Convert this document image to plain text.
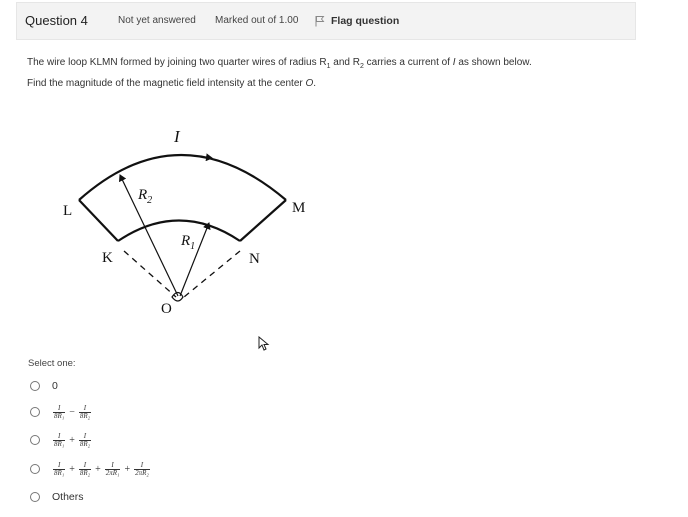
Question 4	Not yet answered Marked out of 1.00	Flag question
The wire loop KLMN formed by joining two quarter wires of radius $R_1$ and $R_2$ carries a current of I as shown below.
Find the magnitude of the magnetic field intensity at the center O.
I
L	M
K	N
O
$R_2$
$R_1$
Select one:
0
$\frac{I}{\text{8R₁}} - \frac{I}{\text{8R₂}}$
$\frac{I}{\text{8R₁}} + \frac{I}{\text{8R₂}}$
$\frac{I}{\text{8R₁}} + \frac{I}{\text{8R₂}} + \frac{I}{\text{2πR₁}} + \frac{I}{\text{2πR₂}}$
Others
